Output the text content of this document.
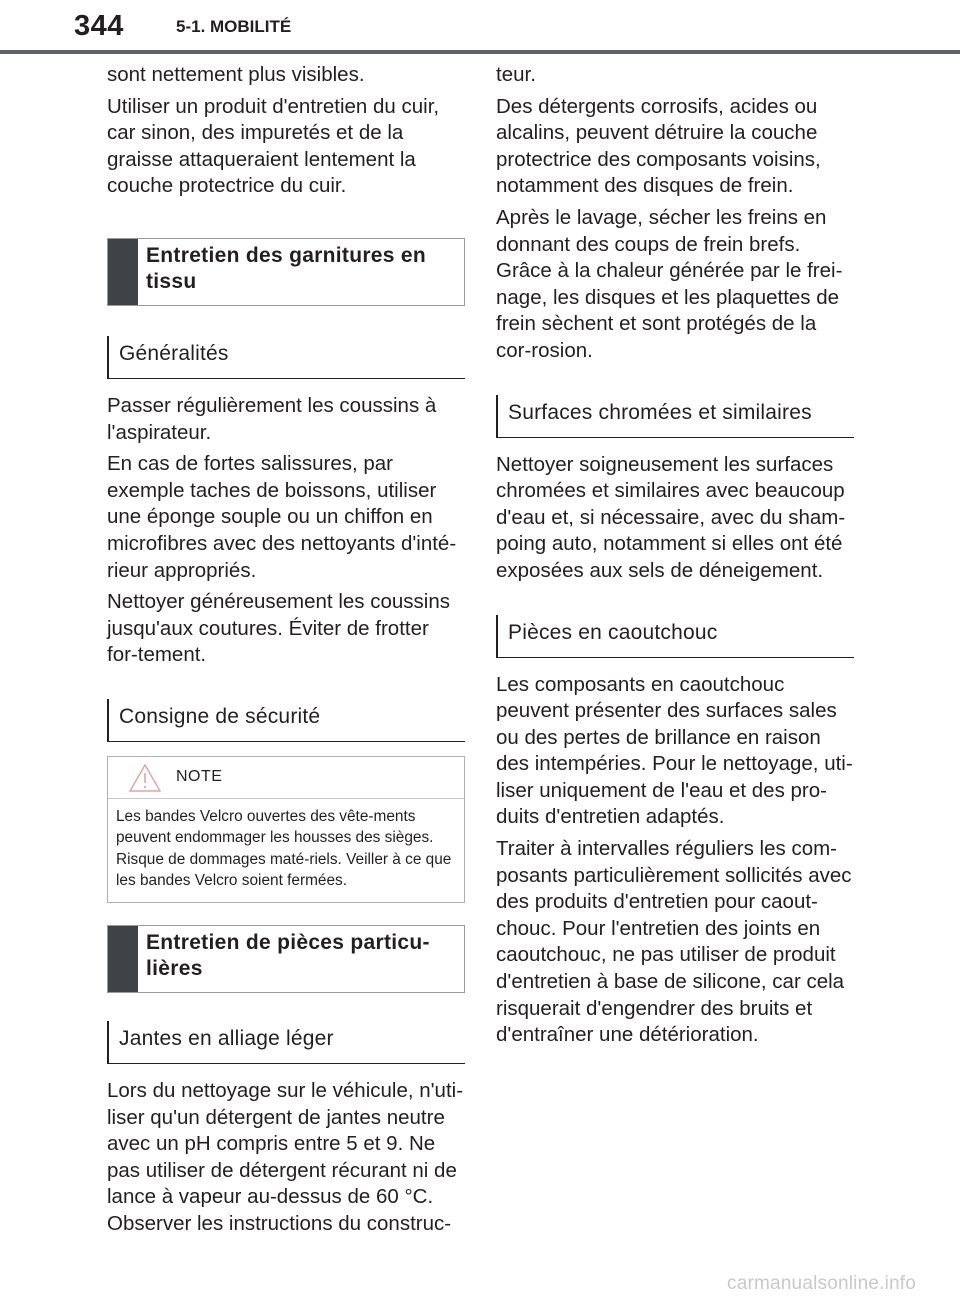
344	5-1. MOBILITÉ

sont nettement plus visibles.

Utiliser un produit d'entretien du cuir, car sinon, des impuretés et de la graisse attaqueraient lentement la couche protectrice du cuir.

Entretien des garnitures en tissu
Généralités

Passer régulièrement les coussins à l'aspirateur.

En cas de fortes salissures, par exemple taches de boissons, utiliser une éponge souple ou un chiffon en microfibres avec des nettoyants d'inté-rieur appropriés.

Nettoyer généreusement les coussins jusqu'aux coutures. Éviter de frotter for-tement.

Consigne de sécurité
NOTE
Les bandes Velcro ouvertes des vête-ments peuvent endommager les housses des sièges. Risque de dommages maté-riels. Veiller à ce que les bandes Velcro soient fermées.
Entretien de pièces particu-lières
Jantes en alliage léger

Lors du nettoyage sur le véhicule, n'uti-liser qu'un détergent de jantes neutre avec un pH compris entre 5 et 9. Ne pas utiliser de détergent récurant ni de lance à vapeur au-dessus de 60 °C. Observer les instructions du construc-

teur.

Des détergents corrosifs, acides ou alcalins, peuvent détruire la couche protectrice des composants voisins, notamment des disques de frein.

Après le lavage, sécher les freins en donnant des coups de frein brefs. Grâce à la chaleur générée par le frei-nage, les disques et les plaquettes de frein sèchent et sont protégés de la cor-rosion.

Surfaces chromées et similaires

Nettoyer soigneusement les surfaces chromées et similaires avec beaucoup d'eau et, si nécessaire, avec du sham-poing auto, notamment si elles ont été exposées aux sels de déneigement.

Pièces en caoutchouc

Les composants en caoutchouc peuvent présenter des surfaces sales ou des pertes de brillance en raison des intempéries. Pour le nettoyage, uti-liser uniquement de l'eau et des pro-duits d'entretien adaptés.

Traiter à intervalles réguliers les com-posants particulièrement sollicités avec des produits d'entretien pour caout-chouc. Pour l'entretien des joints en caoutchouc, ne pas utiliser de produit d'entretien à base de silicone, car cela risquerait d'engendrer des bruits et d'entraîner une détérioration.

carmanualsonline.info
